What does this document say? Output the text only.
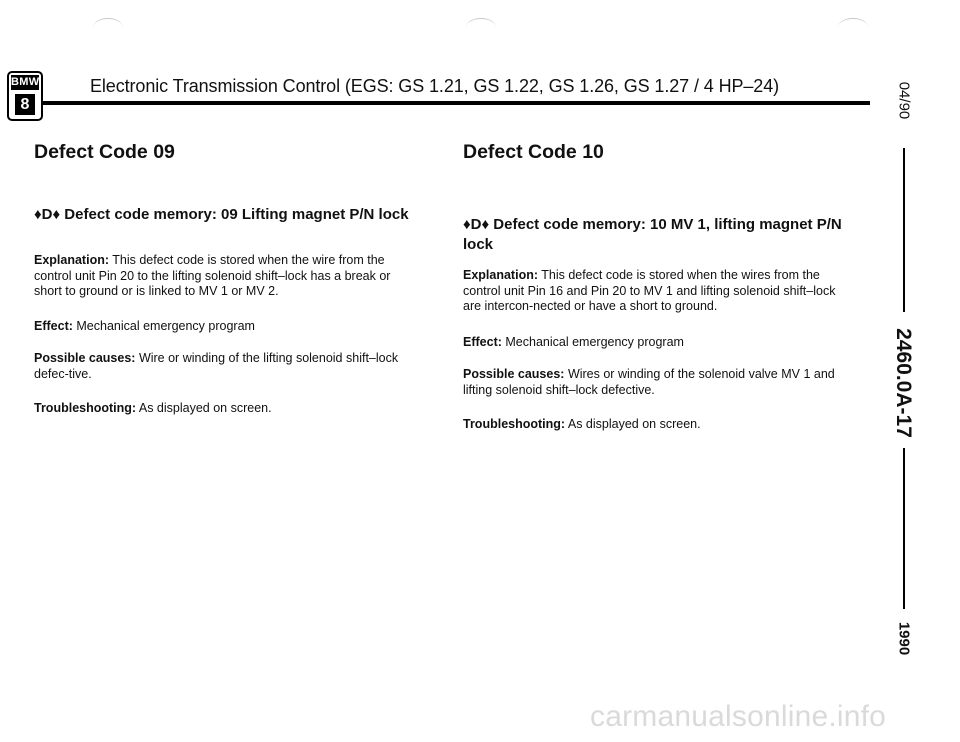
BMW
8
Electronic Transmission Control (EGS: GS 1.21, GS 1.22, GS 1.26, GS 1.27 / 4 HP–24)	04/90
2460.0A-17
1990
Defect Code 09
♦D♦ Defect code memory: 09 Lifting magnet P/N lock

Explanation: This defect code is stored when the wire from the control unit Pin 20 to the lifting solenoid shift–lock has a break or short to ground or is linked to MV 1 or MV 2.

Effect: Mechanical emergency program

Possible causes: Wire or winding of the lifting solenoid shift–lock defec-tive.

Troubleshooting: As displayed on screen.

Defect Code 10
♦D♦ Defect code memory: 10 MV 1, lifting magnet P/N lock

Explanation: This defect code is stored when the wires from the control unit Pin 16 and Pin 20 to MV 1 and lifting solenoid shift–lock are intercon-nected or have a short to ground.

Effect: Mechanical emergency program

Possible causes: Wires or winding of the solenoid valve MV 1 and lifting solenoid shift–lock defective.

Troubleshooting: As displayed on screen.

carmanualsonline.info
